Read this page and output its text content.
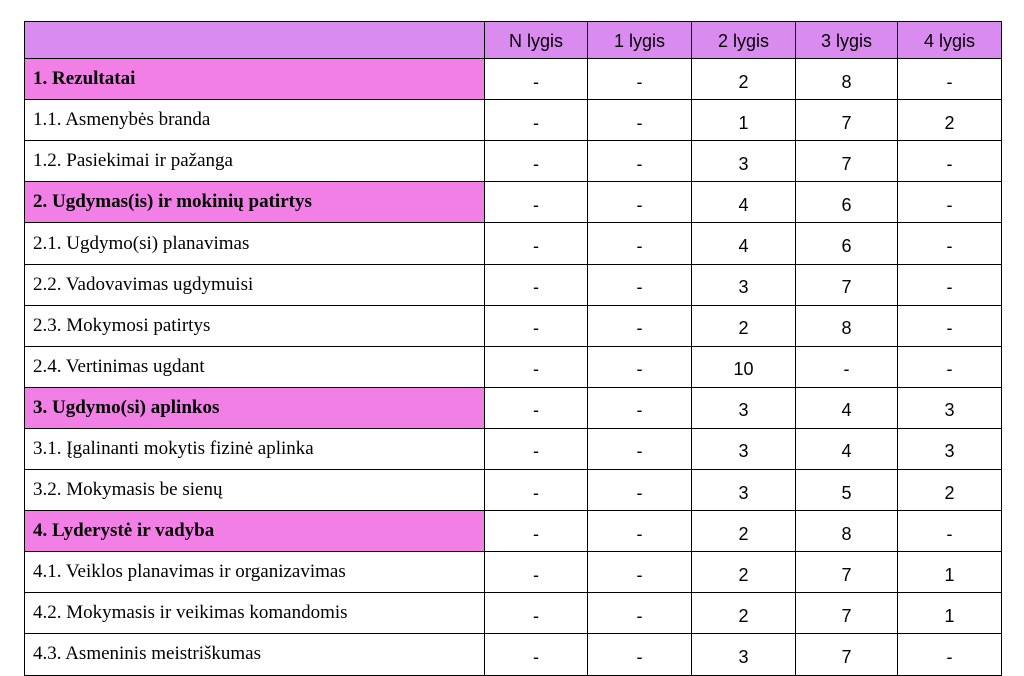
	N lygis	1 lygis	2 lygis	3 lygis	4 lygis
1. Rezultatai	-	-	2	8	-
1.1. Asmenybės branda	-	-	1	7	2
1.2. Pasiekimai ir pažanga	-	-	3	7	-
2. Ugdymas(is) ir mokinių patirtys	-	-	4	6	-
2.1. Ugdymo(si) planavimas	-	-	4	6	-
2.2. Vadovavimas ugdymuisi	-	-	3	7	-
2.3. Mokymosi patirtys	-	-	2	8	-
2.4. Vertinimas ugdant	-	-	10	-	-
3. Ugdymo(si) aplinkos	-	-	3	4	3
3.1. Įgalinanti mokytis fizinė aplinka	-	-	3	4	3
3.2. Mokymasis be sienų	-	-	3	5	2
4. Lyderystė ir vadyba	-	-	2	8	-
4.1. Veiklos planavimas ir organizavimas	-	-	2	7	1
4.2. Mokymasis ir veikimas komandomis	-	-	2	7	1
4.3. Asmeninis meistriškumas	-	-	3	7	-
